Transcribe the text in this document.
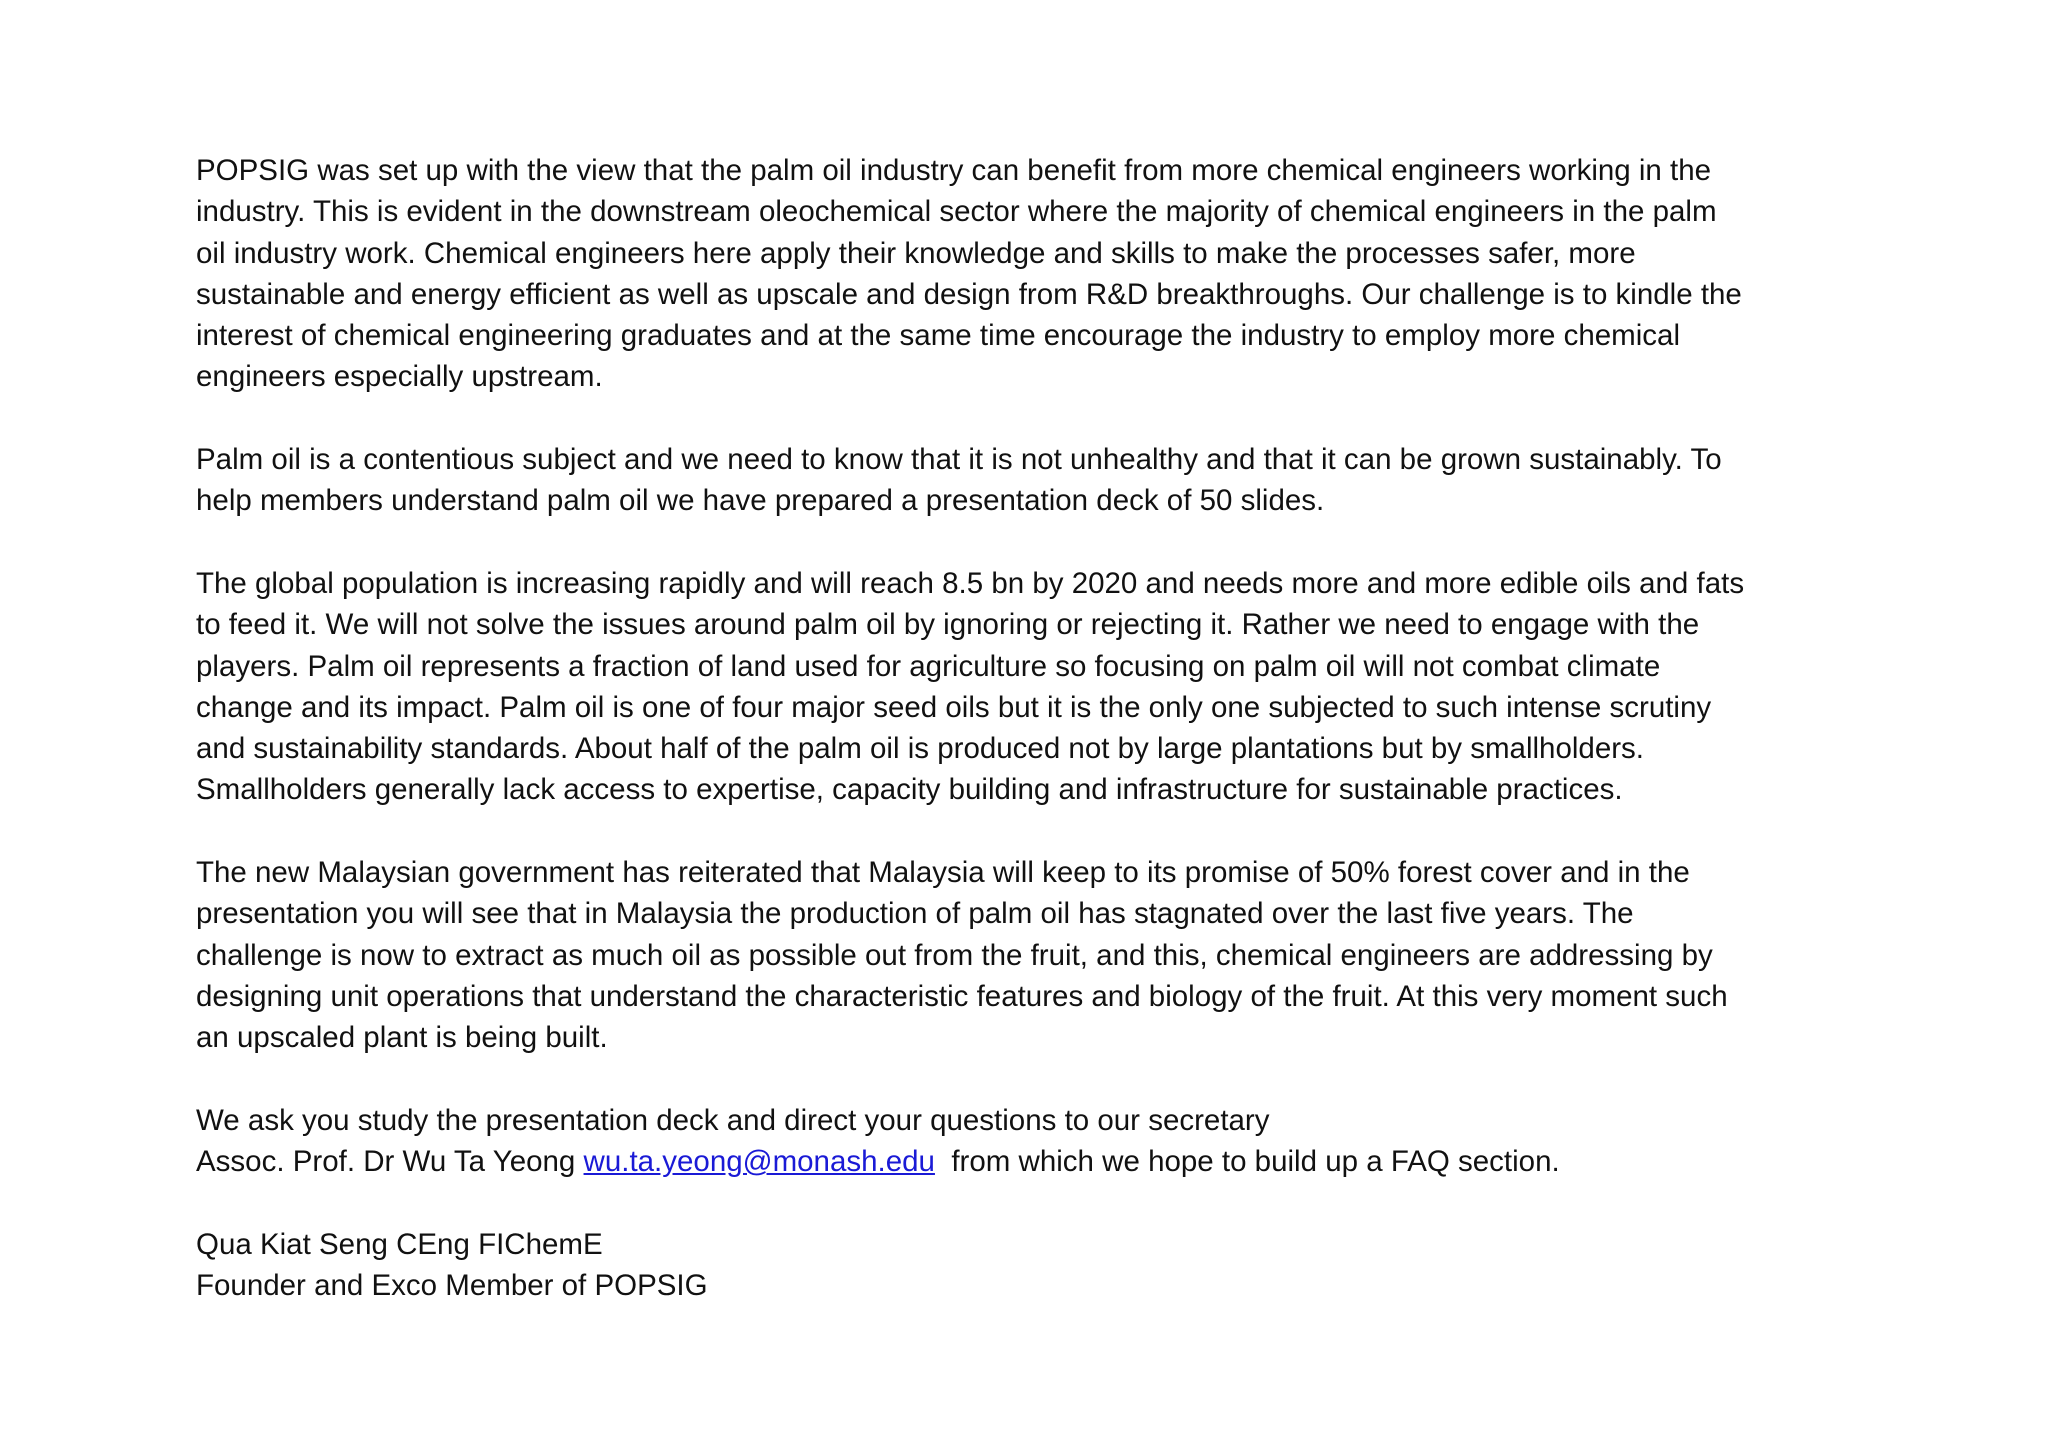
POPSIG was set up with the view that the palm oil industry can benefit from more chemical engineers working in the
industry. This is evident in the downstream oleochemical sector where the majority of chemical engineers in the palm
oil industry work. Chemical engineers here apply their knowledge and skills to make the processes safer, more
sustainable and energy efficient as well as upscale and design from R&D breakthroughs. Our challenge is to kindle the
interest of chemical engineering graduates and at the same time encourage the industry to employ more chemical
engineers especially upstream.

Palm oil is a contentious subject and we need to know that it is not unhealthy and that it can be grown sustainably. To
help members understand palm oil we have prepared a presentation deck of 50 slides.

The global population is increasing rapidly and will reach 8.5 bn by 2020 and needs more and more edible oils and fats
to feed it. We will not solve the issues around palm oil by ignoring or rejecting it. Rather we need to engage with the
players. Palm oil represents a fraction of land used for agriculture so focusing on palm oil will not combat climate
change and its impact. Palm oil is one of four major seed oils but it is the only one subjected to such intense scrutiny
and sustainability standards. About half of the palm oil is produced not by large plantations but by smallholders.
Smallholders generally lack access to expertise, capacity building and infrastructure for sustainable practices.

The new Malaysian government has reiterated that Malaysia will keep to its promise of 50% forest cover and in the
presentation you will see that in Malaysia the production of palm oil has stagnated over the last five years. The
challenge is now to extract as much oil as possible out from the fruit, and this, chemical engineers are addressing by
designing unit operations that understand the characteristic features and biology of the fruit. At this very moment such
an upscaled plant is being built.

We ask you study the presentation deck and direct your questions to our secretary
Assoc. Prof. Dr Wu Ta Yeong wu.ta.yeong@monash.edu  from which we hope to build up a FAQ section.

Qua Kiat Seng CEng FIChemE
Founder and Exco Member of POPSIG
